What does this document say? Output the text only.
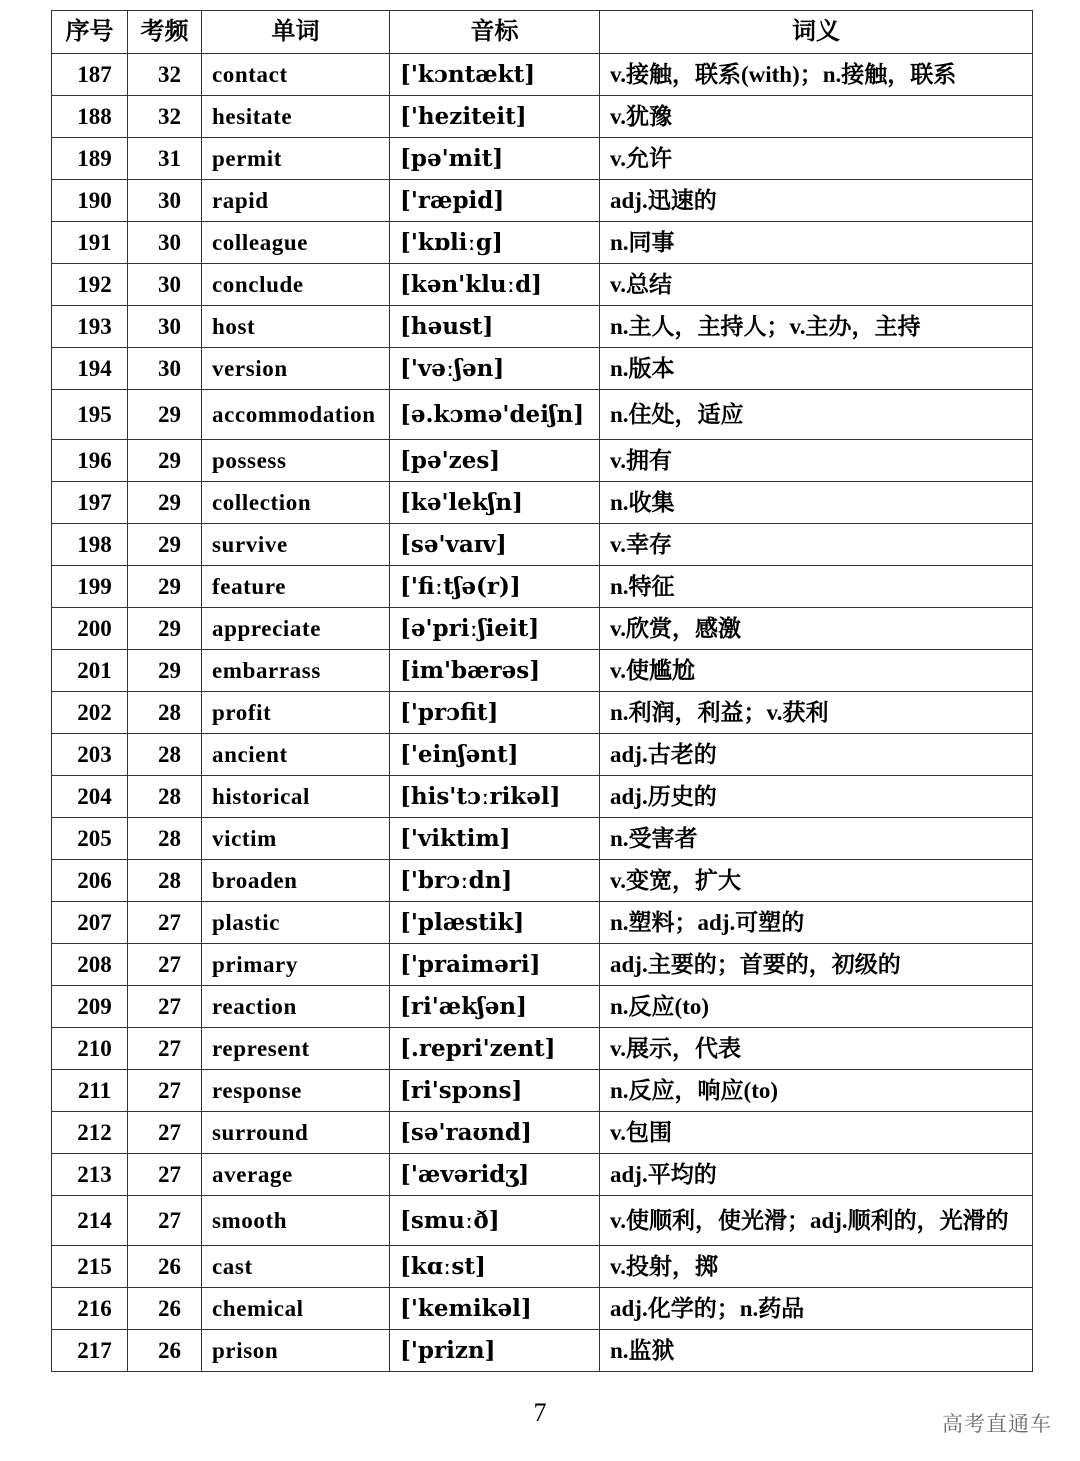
序号	考频	单词	音标	词义
187	32	contact	['kɔntækt]	v.接触，联系(with)；n.接触，联系
188	32	hesitate	['heziteit]	v.犹豫
189	31	permit	[pə'mit]	v.允许
190	30	rapid	['ræpid]	adj.迅速的
191	30	colleague	['kɒliːg]	n.同事
192	30	conclude	[kən'kluːd]	v.总结
193	30	host	[həust]	n.主人，主持人；v.主办，主持
194	30	version	['vəːʃən]	n.版本
195	29	accommodation	[ə.kɔmə'deiʃn]	n.住处，适应
196	29	possess	[pə'zes]	v.拥有
197	29	collection	[kə'lekʃn]	n.收集
198	29	survive	[sə'vaɪv]	v.幸存
199	29	feature	['fiːtʃə(r)]	n.特征
200	29	appreciate	[ə'priːʃieit]	v.欣赏，感激
201	29	embarrass	[im'bærəs]	v.使尴尬
202	28	profit	['prɔfit]	n.利润，利益；v.获利
203	28	ancient	['einʃənt]	adj.古老的
204	28	historical	[his'tɔːrikəl]	adj.历史的
205	28	victim	['viktim]	n.受害者
206	28	broaden	['brɔːdn]	v.变宽，扩大
207	27	plastic	['plæstik]	n.塑料；adj.可塑的
208	27	primary	['praiməri]	adj.主要的；首要的，初级的
209	27	reaction	[ri'ækʃən]	n.反应(to)
210	27	represent	[.repri'zent]	v.展示，代表
211	27	response	[ri'spɔns]	n.反应，响应(to)
212	27	surround	[sə'raʊnd]	v.包围
213	27	average	['ævəridʒ]	adj.平均的
214	27	smooth	[smuːð]	v.使顺利，使光滑；adj.顺利的，光滑的
215	26	cast	[kɑːst]	v.投射，掷
216	26	chemical	['kemikəl]	adj.化学的；n.药品
217	26	prison	['prizn]	n.监狱
7	高考直通车
